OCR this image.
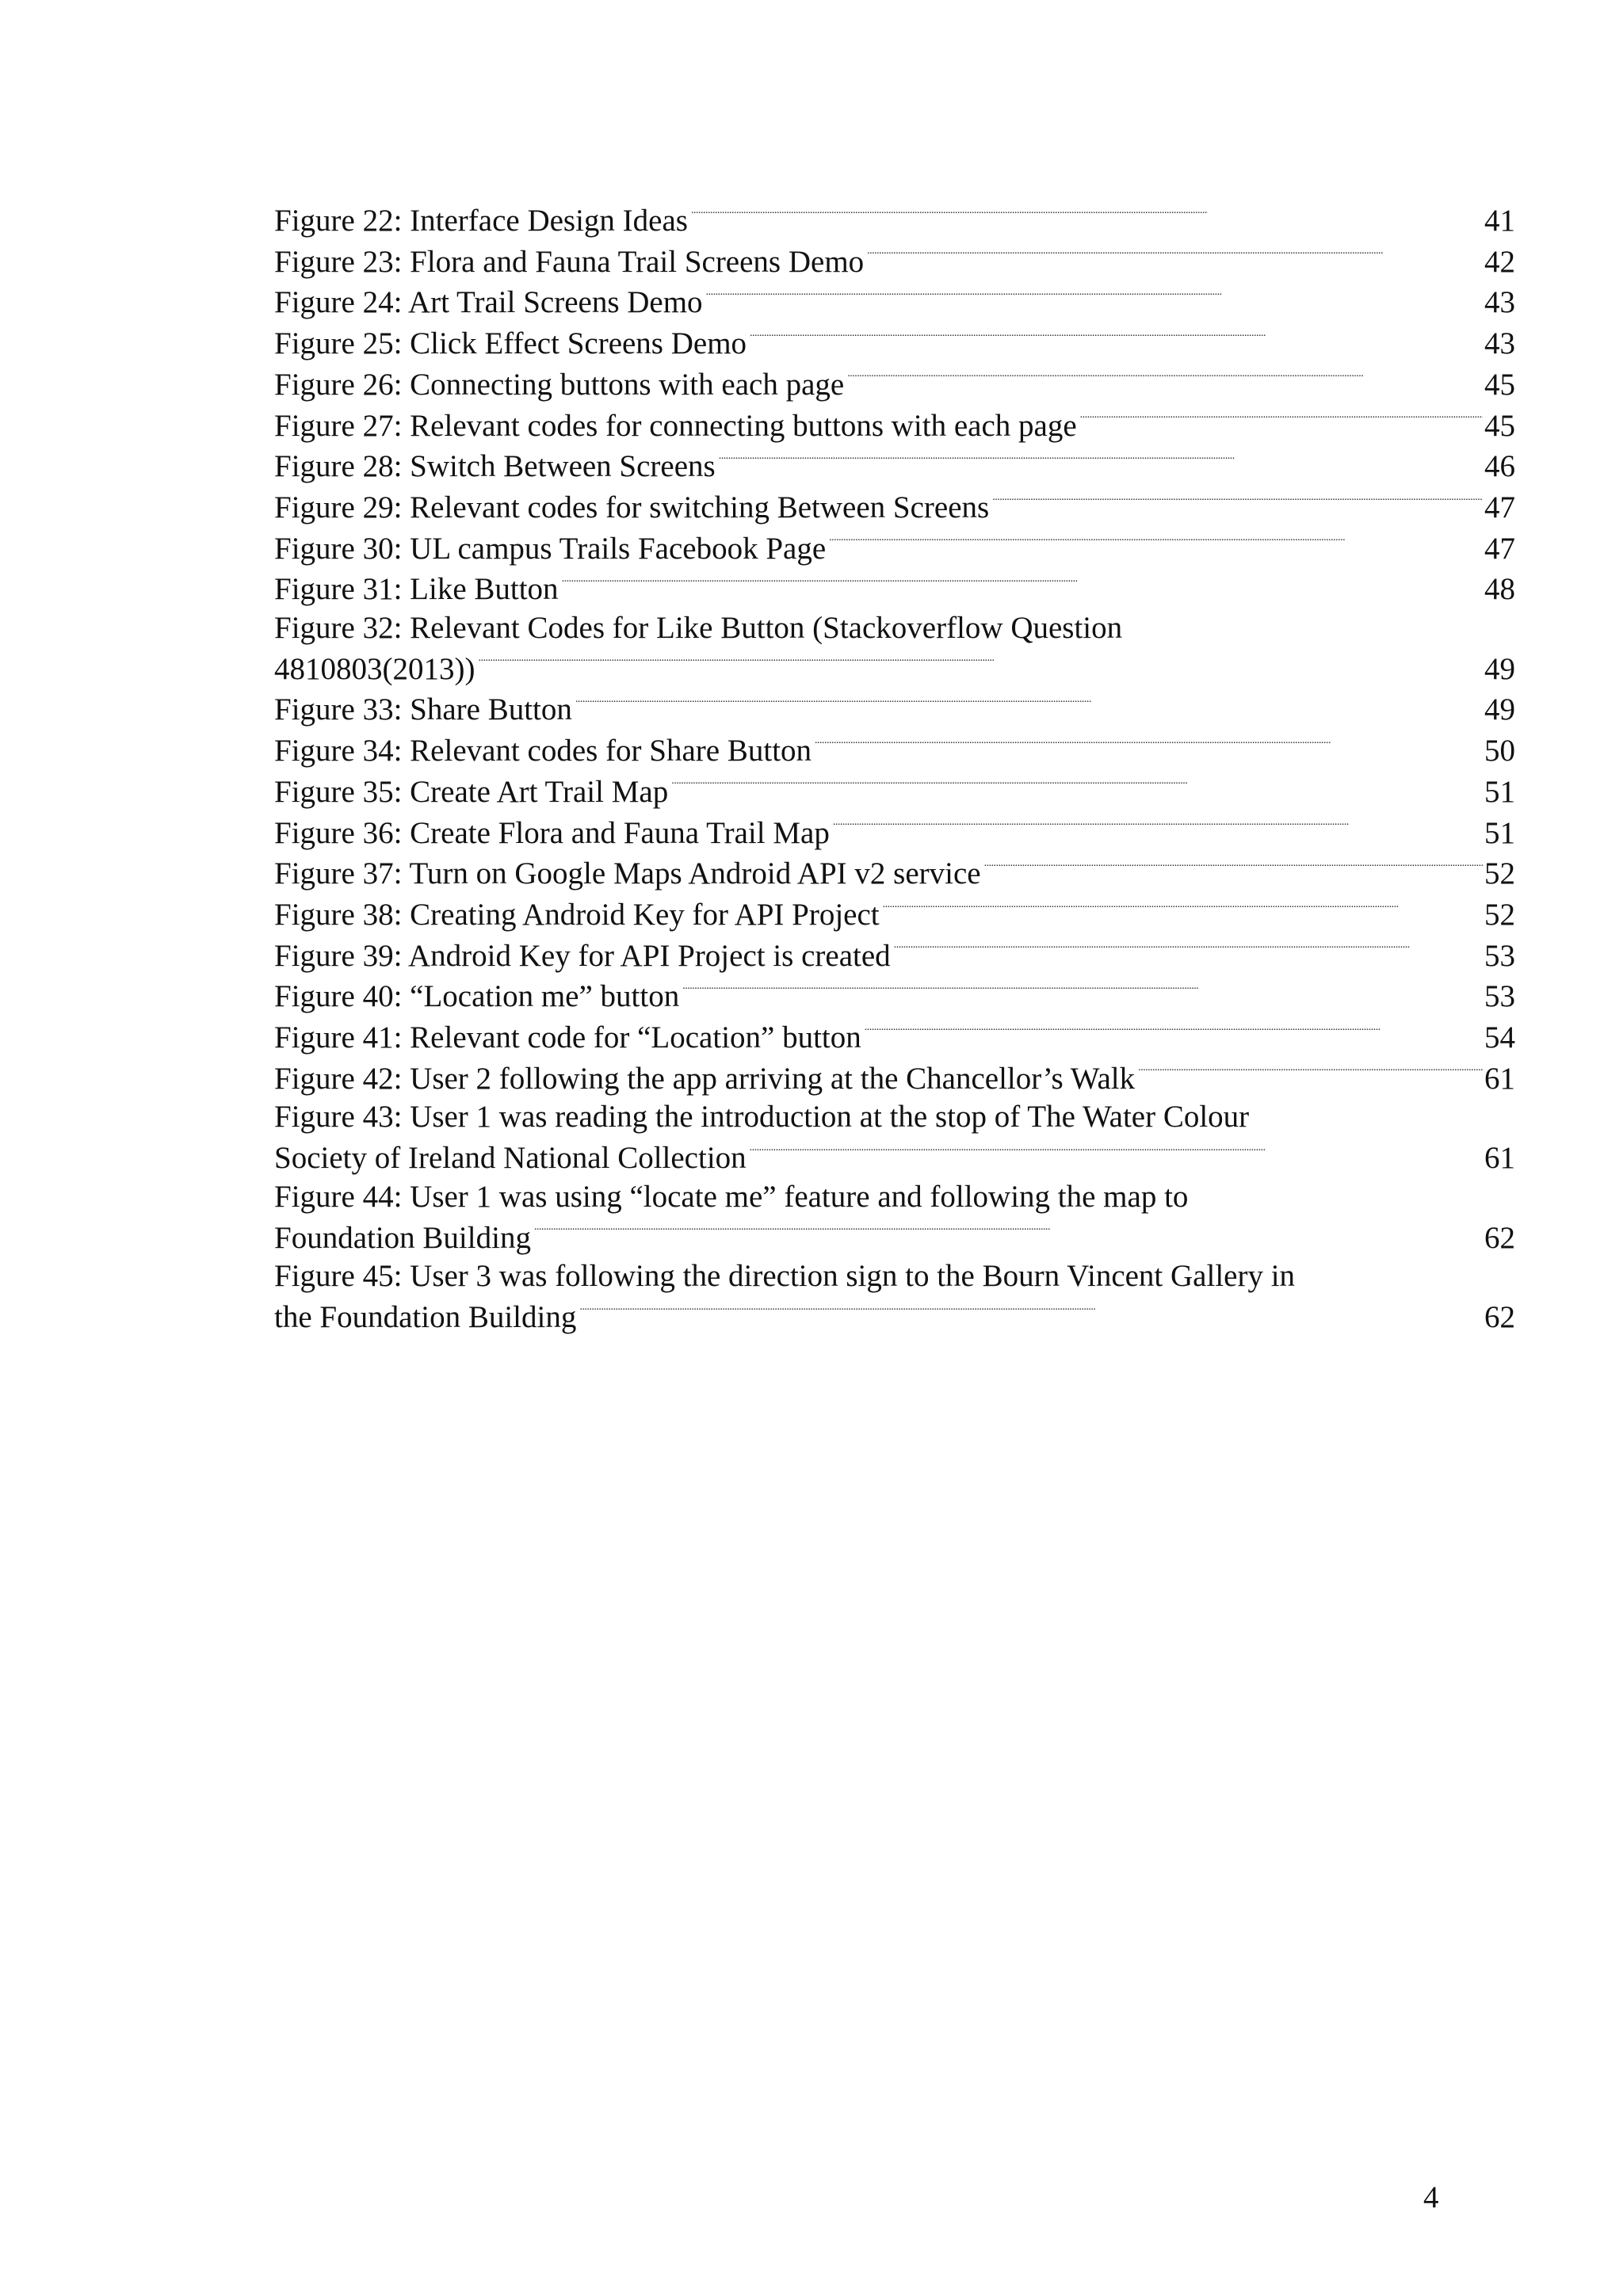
Figure 22: Interface Design Ideas . . .	41
Figure 23: Flora and Fauna Trail Screens Demo . . .	42
Figure 24: Art Trail Screens Demo . . .	43
Figure 25: Click Effect Screens Demo . . .	43
Figure 26: Connecting buttons with each page . . .	45
Figure 27: Relevant codes for connecting buttons with each page . . .	45
Figure 28: Switch Between Screens . . .	46
Figure 29: Relevant codes for switching Between Screens . . .	47
Figure 30: UL campus Trails Facebook Page . . .	47
Figure 31: Like Button . . .	48
Figure 32: Relevant Codes for Like Button (Stackoverflow Question
4810803(2013)) . . .	49
Figure 33: Share Button . . .	49
Figure 34: Relevant codes for Share Button . . .	50
Figure 35: Create Art Trail Map . . .	51
Figure 36: Create Flora and Fauna Trail Map . . .	51
Figure 37: Turn on Google Maps Android API v2 service . . .	52
Figure 38: Creating Android Key for API Project . . .	52
Figure 39: Android Key for API Project is created . . .	53
Figure 40: “Location me” button . . .	53
Figure 41: Relevant code for “Location” button . . .	54
Figure 42: User 2 following the app arriving at the Chancellor’s Walk . . .	61
Figure 43: User 1 was reading the introduction at the stop of The Water Colour
Society of Ireland National Collection . . .	61
Figure 44: User 1 was using “locate me” feature and following the map to
Foundation Building . . .	62
Figure 45: User 3 was following the direction sign to the Bourn Vincent Gallery in
the Foundation Building . . .	62
4
